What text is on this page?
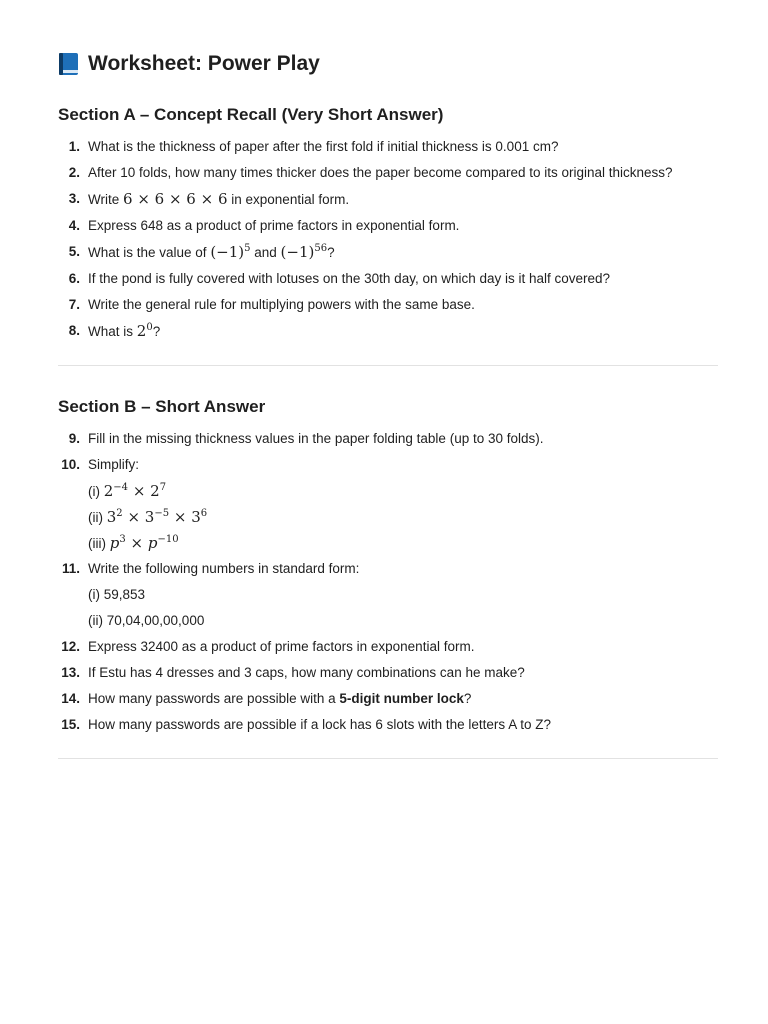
Worksheet: Power Play
Section A – Concept Recall (Very Short Answer)
1. What is the thickness of paper after the first fold if initial thickness is 0.001 cm?
2. After 10 folds, how many times thicker does the paper become compared to its original thickness?
3. Write 6 × 6 × 6 × 6 in exponential form.
4. Express 648 as a product of prime factors in exponential form.
5. What is the value of $(-1)^5$ and $(-1)^{56}$?
6. If the pond is fully covered with lotuses on the 30th day, on which day is it half covered?
7. Write the general rule for multiplying powers with the same base.
8. What is $2^0$?
Section B – Short Answer
9. Fill in the missing thickness values in the paper folding table (up to 30 folds).
10. Simplify:
(i) $2^{-4} \times 2^7$
(ii) $3^2 \times 3^{-5} \times 3^6$
(iii) $p^3 \times p^{-10}$
11. Write the following numbers in standard form:
(i) 59,853
(ii) 70,04,00,00,000
12. Express 32400 as a product of prime factors in exponential form.
13. If Estu has 4 dresses and 3 caps, how many combinations can he make?
14. How many passwords are possible with a 5-digit number lock?
15. How many passwords are possible if a lock has 6 slots with the letters A to Z?
